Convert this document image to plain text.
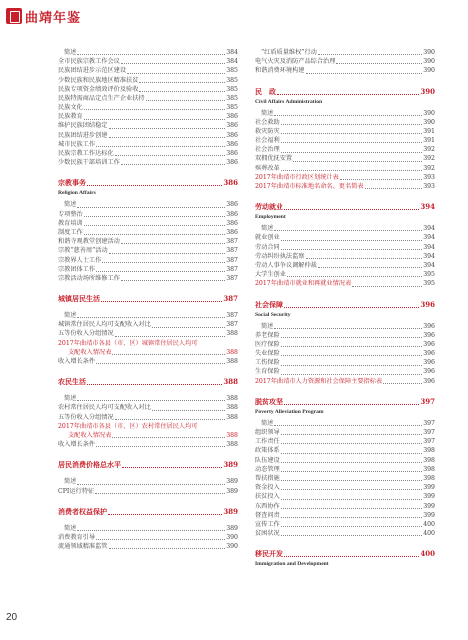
曲靖年鉴
简述	384
全市民族宗教工作会议	384
民族团结进步示范区建设	385
少数民族和民族地区精准扶贫	385
民族专项资金绩效评价及验收	385
民族特需商品定点生产企业扶持	385
民族文化	385
民族教育	386
维护民族团结稳定	386
民族团结进步创建	386
城市民族工作	386
民族宗教工作达标化	386
少数民族干部培训工作	386
宗教事务	386
Religion Affairs
简述	386
专项整治	386
教育培训	386
制度工作	386
和谐寺观教堂创建活动	387
宗教“慈善周”活动	387
宗教界人士工作	387
宗教团体工作	387
宗教活动场所维修工作	387
城镇居民生活	387
简述	387
城镇常住居民人均可支配收入对比	387
五等份收入分组情况	388
2017年曲靖市各县（市、区）城镇常住居民人均可
支配收入情况表	388
收入增长条件	388
农民生活	388
简述	388
农村常住居民人均可支配收入对比	388
五等份收入分组情况	388
2017年曲靖市各县（市、区）农村常住居民人均可
支配收入情况表	388
收入增长条件	388
居民消费价格总水平	389
简述	389
CPI运行特征	389
消费者权益保护	389
简述	389
消费教育引导	390
流通领域精准监管	390
“红盾质量维权”行动	390
电气火灾及消防产品综合治理	390
和谐消费环境构建	390
民　政	390
Civil Affairs Administration
简述	390
社会救助	390
救灾防灾	391
社会福利	391
社会治理	392
双拥优抚安置	392
殡葬改革	392
2017年曲靖市行政区划统计表	393
2017年曲靖市标准地名命名、更名简表	393
劳动就业	394
Employment
简述	394
就业创业	394
劳动合同	394
劳动纠纷执法监察	394
劳动人事争议调解仲裁	394
大学生创业	395
2017年曲靖市就业和再就业情况表	395
社会保障	396
Social Security
简述	396
养老保险	396
医疗保险	396
失业保险	396
工伤保险	396
生育保险	396
2017年曲靖市人力资源和社会保障主要指标表	396
脱贫攻坚	397
Poverty Alleviation Program
简述	397
组织领导	397
工作责任	397
政策体系	398
队伍建设	398
动态管理	398
帮扶措施	398
资金投入	399
扶贫投入	399
东西协作	399
督查问责	399
宣传工作	400
贫困状况	400
移民开发	400
Immigration and Development
20
